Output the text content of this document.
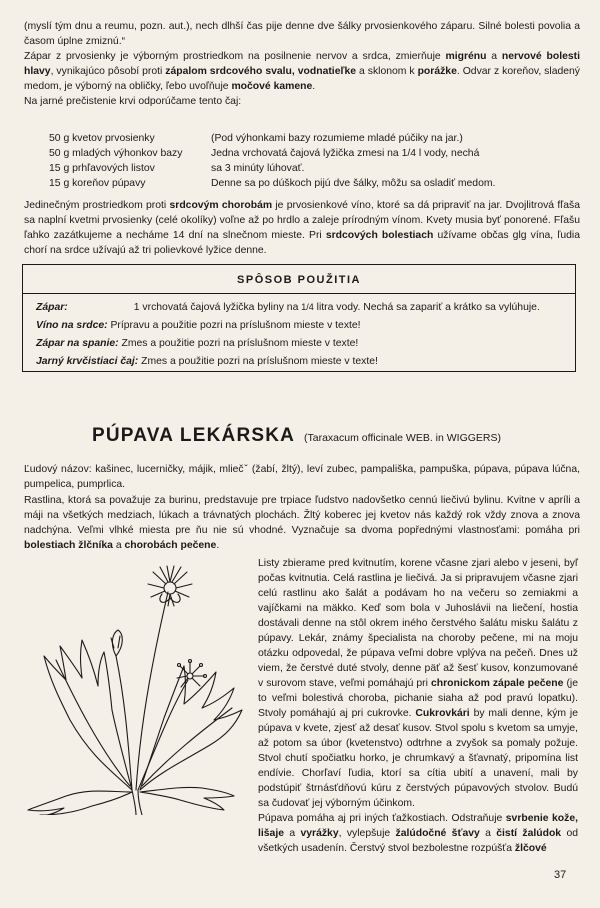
(myslí tým dnu a reumu, pozn. aut.), nech dlhší čas pije denne dve šálky prvosienkového záparu. Silné bolesti povolia a časom úplne zmiznú.“

Zápar z prvosienky je výborným prostriedkom na posilnenie nervov a srdca, zmierňuje migrénu a nervové bolesti hlavy, vynikajúco pôsobí proti zápalom srdcového svalu, vodnatieľke a sklonom k porážke. Odvar z koreňov, sladený medom, je výborný na obličky, ľebo uvoľňuje močové kamene.

Na jarné prečistenie krvi odporúčame tento čaj:

50 g kvetov prvosienky	(Pod výhonkami bazy rozumieme mladé púčiky na jar.)
50 g mladých výhonkov bazy	Jedna vrchovatá čajová lyžička zmesi na 1/4 l vody, nechá
15 g prhľavových listov	sa 3 minúty lúhovať.
15 g koreňov púpavy	Denne sa po dúškoch pijú dve šálky, môžu sa osladiť medom.

Jedinečným prostriedkom proti srdcovým chorobám je prvosienkové víno, ktoré sa dá pripraviť na jar. Dvojlitrová fľaša sa naplní kvetmi prvosienky (celé okolíky) voľne až po hrdlo a zaleje prírodným vínom. Kvety musia byť ponorené. Fľašu ľahko zazátkujeme a necháme 14 dní na slnečnom mieste. Pri srdcových bolestiach užívame občas glg vína, ľudia chorí na srdce užívajú až tri polievkové lyžice denne.

SPÔSOB POUŽITIA
Zápar:	1 vrchovatá čajová lyžička byliny na 1/4 litra vody. Nechá sa zapariť a krátko sa vylúhuje.
Víno na srdce: Prípravu a použitie pozri na príslušnom mieste v texte!
Zápar na spanie: Zmes a použitie pozri na príslušnom mieste v texte!
Jarný krvčistiaci čaj: Zmes a použitie pozri na príslušnom mieste v texte!
PÚPAVA LEKÁRSKA (Taraxacum officinale WEB. in WIGGERS)

Ľudový názov: kašinec, lucerničky, májik, mliečˇ (žabí, žltý), leví zubec, pampališka, pampuška, púpava, púpava lúčna, pumpelica, pumprlica.

Rastlina, ktorá sa považuje za burinu, predstavuje pre trpiace ľudstvo nadovšetko cennú liečivú bylinu. Kvitne v apríli a máji na všetkých medziach, lúkach a trávnatých plochách. Žltý koberec jej kvetov nás každý rok vždy znova a znova nadchýna. Veľmi vlhké miesta pre ňu nie sú vhodné. Vyznačuje sa dvoma popřednými vlastnosťami: pomáha pri bolestiach žlčníka a chorobách pečene.

Listy zbierame pred kvitnutím, korene včasne zjari alebo v jeseni, byľ počas kvitnutia. Celá rastlina je liečivá. Ja si pripravujem včasne zjari celú rastlinu ako šalát a podávam ho na večeru so zemiakmi a vajíčkami na mäkko. Keď som bola v Juhoslávii na liečení, hostia dostávali denne na stôl okrem iného čerstvého šalátu misku šalátu z púpavy. Lekár, známy špecialista na choroby pečene, mi na moju otázku odpovedal, že púpava veľmi dobre vplýva na pečeň. Dnes už viem, že čerstvé duté stvoly, denne päť až šesť kusov, konzumované v surovom stave, veľmi pomáhajú pri chronickom zápale pečene (je to veľmi bolestivá choroba, pichanie siaha až pod pravú lopatku). Stvoly pomáhajú aj pri cukrovke. Cukrovkári by mali denne, kým je púpava v kvete, zjesť až desať kusov. Stvol spolu s kvetom sa umyje, až potom sa úbor (kvetenstvo) odtrhne a zvyšok sa pomaly požuje. Stvol chutí spočiatku horko, je chrumkavý a šťavnatý, pripomína list endívie. Chorľaví ľudia, ktorí sa cítia ubití a unavení, mali by podstúpiť štrnásťdňovú kúru z čerstvých púpavových stvolov. Budú sa čudovať jej výborným účinkom.

Púpava pomáha aj pri iných ťažkostiach. Odstraňuje svrbenie kože, lišaje a vyrážky, vylepšuje žalúdočné šťavy a čistí žalúdok od všetkých usadenín. Čerstvý stvol bezbolestne rozpúšťa žlčové

37
